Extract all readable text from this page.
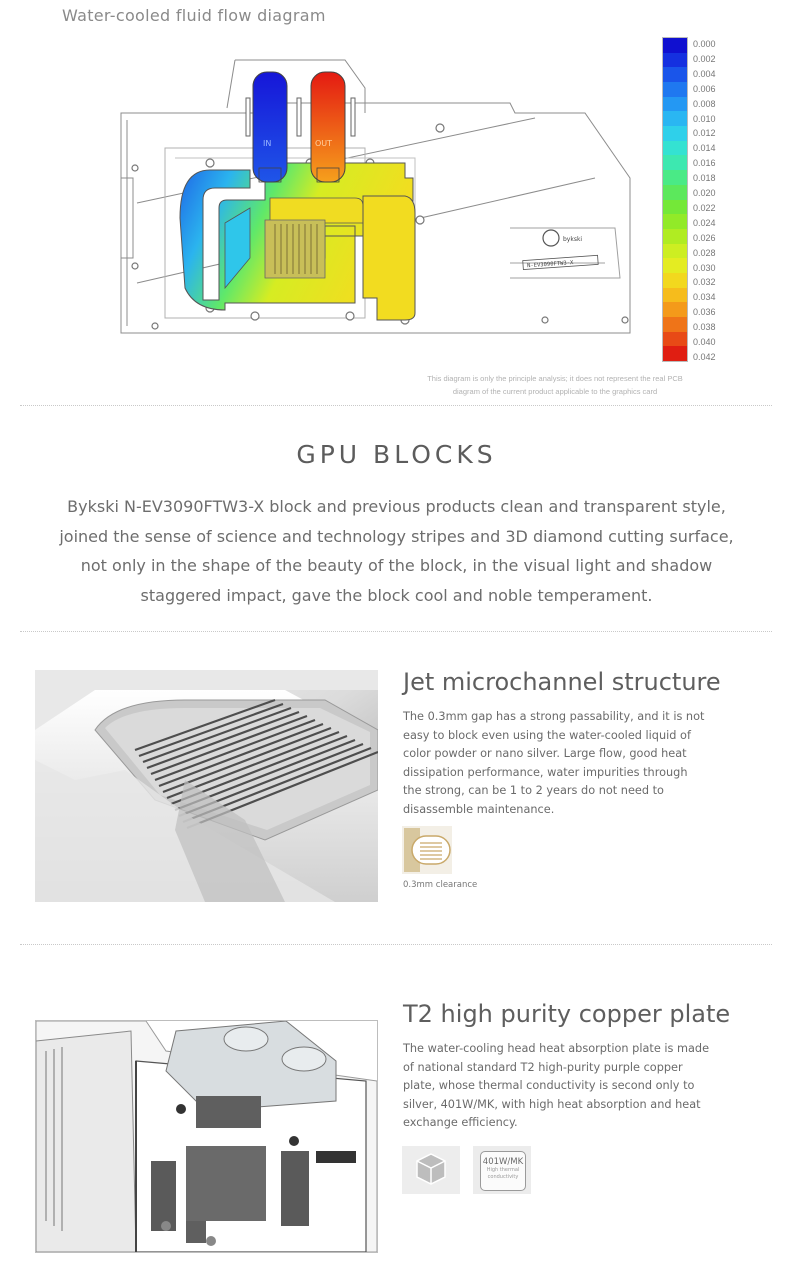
Water-cooled fluid flow diagram
IN	OUT
bykski
N-EV3090FTW3-X
0.000
0.002
0.004
0.006
0.008
0.010
0.012
0.014
0.016
0.018
0.020
0.022
0.024
0.026
0.028
0.030
0.032
0.034
0.036
0.038
0.040
0.042
This diagram is only the principle analysis; it does not represent the real PCB
diagram of the current product applicable to the graphics card
GPU BLOCKS
Bykski N-EV3090FTW3-X block and previous products clean and transparent style,
joined the sense of science and technology stripes and 3D diamond cutting surface,
not only in the shape of the beauty of the block, in the visual light and shadow
staggered impact, gave the block cool and noble temperament.
Jet microchannel structure
The 0.3mm gap has a strong passability, and it is not
easy to block even using the water-cooled liquid of
color powder or nano silver. Large flow, good heat
dissipation performance, water impurities through
the strong, can be 1 to 2 years do not need to
disassemble maintenance.
0.3mm clearance
T2 high purity copper plate
The water-cooling head heat absorption plate is made
of national standard T2 high-purity purple copper
plate, whose thermal conductivity is second only to
silver, 401W/MK, with high heat absorption and heat
exchange efficiency.
401W/MK
High thermal
conductivity
